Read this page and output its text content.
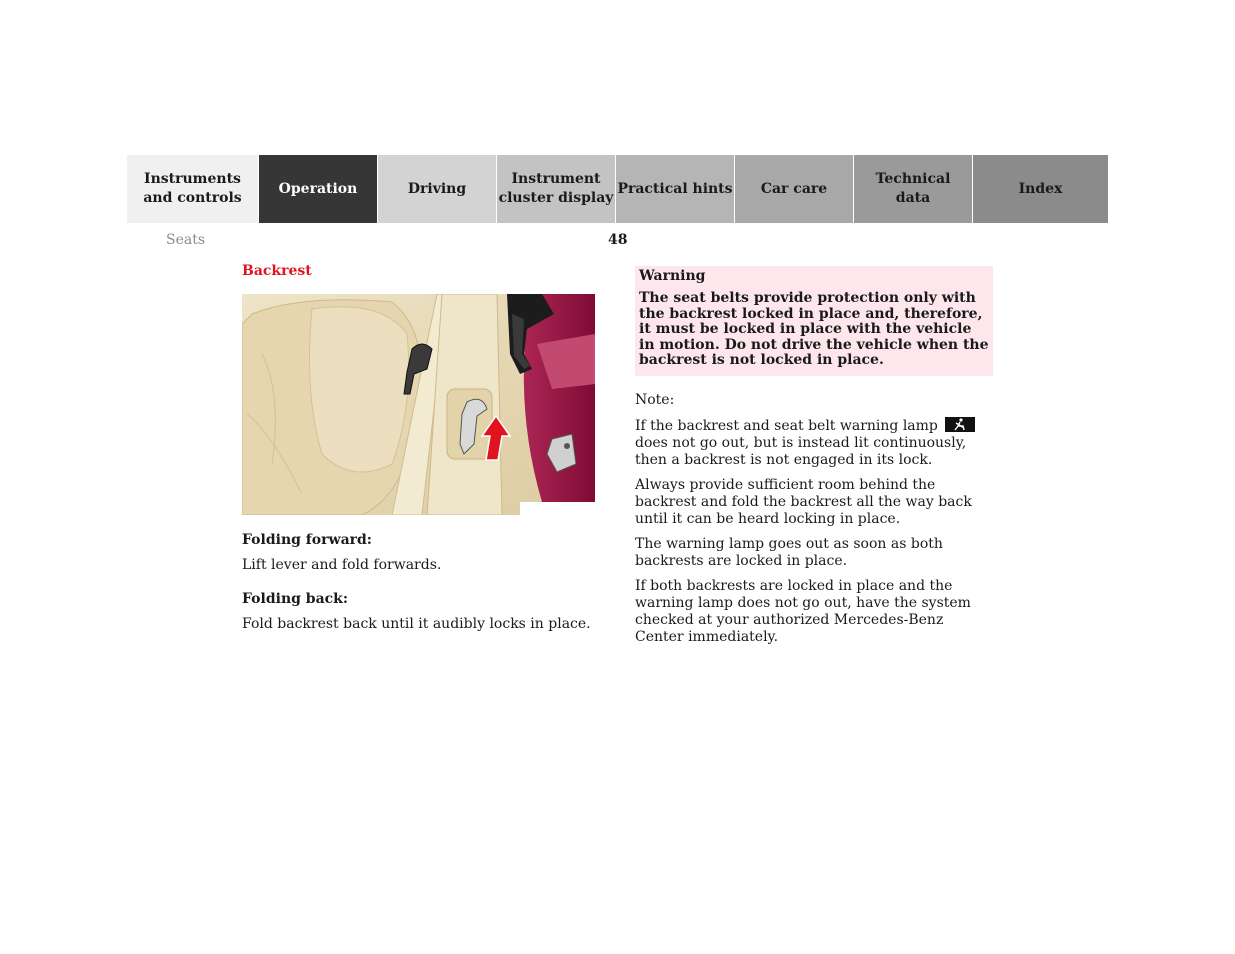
Instruments
and controls
Operation	Driving
Instrument
cluster display
Practical hints Car care
Technical
data
Index
Seats	48
Backrest
Folding forward:

Lift lever and fold forwards.

Folding back:

Fold backrest back until it audibly locks in place.

Warning
The seat belts provide protection only with the backrest locked in place and, therefore, it must be locked in place with the vehicle in motion. Do not drive the vehicle when the backrest is not locked in place.

Note:

If the backrest and seat belt warning lamp
does not go out, but is instead lit continuously, then a backrest is not engaged in its lock.

Always provide sufficient room behind the backrest and fold the backrest all the way back until it can be heard locking in place.

The warning lamp goes out as soon as both backrests are locked in place.

If both backrests are locked in place and the warning lamp does not go out, have the system checked at your authorized Mercedes-Benz Center immediately.
